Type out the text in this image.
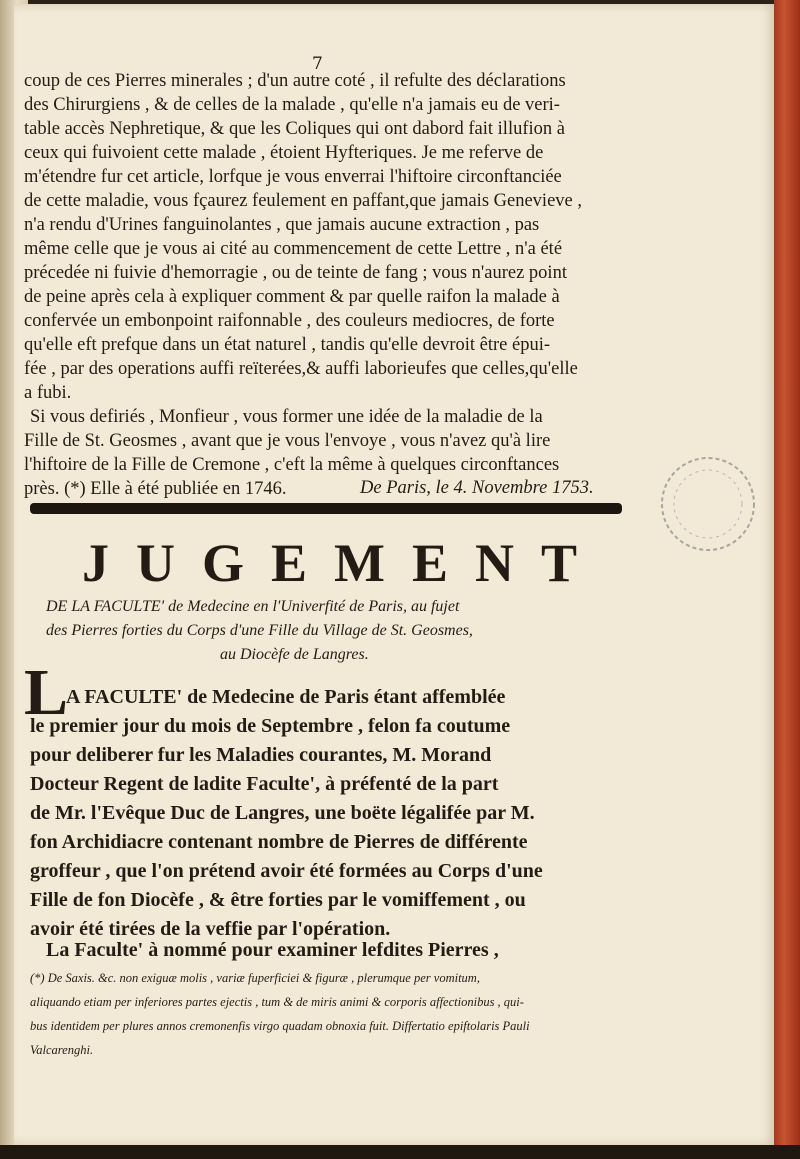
7
coup de ces Pierres minerales ; d'un autre coté , il refulte des déclarations
des Chirurgiens , & de celles de la malade , qu'elle n'a jamais eu de veri-
table accès Nephretique, & que les Coliques qui ont dabord fait illufion à
ceux qui fuivoient cette malade , étoient Hyfteriques. Je me referve de
m'étendre fur cet article, lorfque je vous enverrai l'hiftoire circonftanciée
de cette maladie, vous fçaurez feulement en paffant,que jamais Genevieve ,
n'a rendu d'Urines fanguinolantes , que jamais aucune extraction , pas
même celle que je vous ai cité au commencement de cette Lettre , n'a été
précedée ni fuivie d'hemorragie , ou de teinte de fang ; vous n'aurez point
de peine après cela à expliquer comment & par quelle raifon la malade à
confervée un embonpoint raifonnable , des couleurs mediocres, de forte
qu'elle eft prefque dans un état naturel , tandis qu'elle devroit être épui-
fée , par des operations auffi reïterées,& auffi laborieufes que celles,qu'elle
a fubi.
Si vous defiriés , Monfieur , vous former une idée de la maladie de la
Fille de St. Geosmes , avant que je vous l'envoye , vous n'avez qu'à lire
l'hiftoire de la Fille de Cremone , c'eft la même à quelques circonftances
près. (*) Elle à été publiée en 1746.	De Paris, le 4. Novembre 1753.
JUGEMENT
DE LA FACULTE' de Medecine en l'Univerfité de Paris, au fujet
des Pierres forties du Corps d'une Fille du Village de St. Geosmes,
au Diocèfe de Langres.
L
A FACULTE' de Medecine de Paris étant affemblée
le premier jour du mois de Septembre , felon fa coutume
pour deliberer fur les Maladies courantes, M. Morand
Docteur Regent de ladite Faculte', à préfenté de la part
de Mr. l'Evêque Duc de Langres, une boëte légalifée par M.
fon Archidiacre contenant nombre de Pierres de différente
groffeur , que l'on prétend avoir été formées au Corps d'une
Fille de fon Diocèfe , & être forties par le vomiffement , ou
avoir été tirées de la veffie par l'opération.
La Faculte' à nommé pour examiner lefdites Pierres ,
(*) De Saxis. &c. non exiguæ molis , variæ fuperficiei & figuræ , plerumque per vomitum,
aliquando etiam per inferiores partes ejectis , tum & de miris animi & corporis affectionibus , qui-
bus identidem per plures annos cremonenfis virgo quadam obnoxia fuit. Differtatio epiftolaris Pauli
Valcarenghi.
